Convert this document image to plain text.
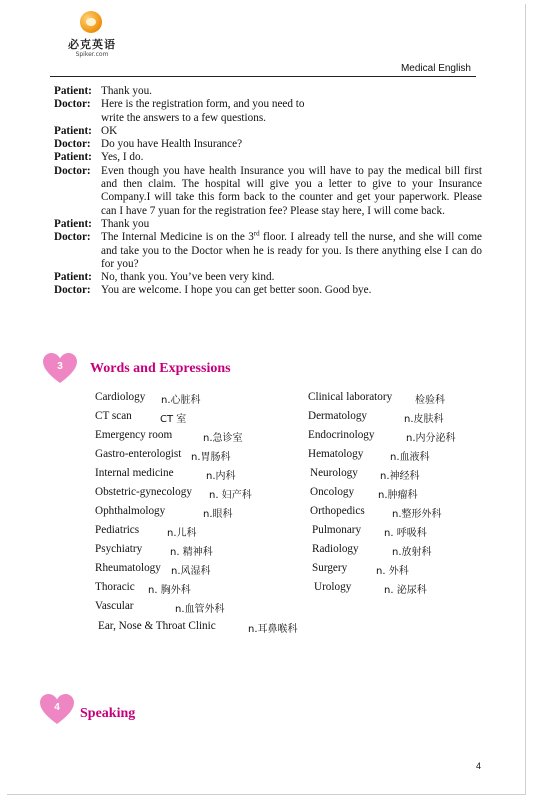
必克英语
Spiker.com
Medical English
Patient: Thank you.
Doctor: Here is the registration form, and you need to write the answers to a few questions.
Patient: OK
Doctor: Do you have Health Insurance?
Patient: Yes, I do.
Doctor: Even though you have health Insurance you will have to pay the medical bill first and then claim. The hospital will give you a letter to give to your Insurance Company.I will take this form back to the counter and get your paperwork. Please can I have 7 yuan for the registration fee? Please stay here, I will come back.
Patient: Thank you
Doctor: The Internal Medicine is on the 3rd floor. I already tell the nurse, and she will come and take you to the Doctor when he is ready for you. Is there anything else I can do for you?
Patient: No, thank you. You’ve been very kind.
Doctor: You are welcome. I hope you can get better soon. Good bye.
3	Words and Expressions
Cardiology n.心脏科
CT scan	CT 室
Emergency room	n.急诊室
Gastro-enterologist n.胃肠科
Internal medicine	n.内科
Obstetric-gynecology n. 妇产科
Ophthalmology	n.眼科
Pediatrics	n.儿科
Psychiatry	n. 精神科
Rheumatology n.风湿科
Thoracic n. 胸外科
Vascular	n.血管外科
Ear, Nose & Throat Clinic	n.耳鼻喉科
Clinical laboratory 检验科
Dermatology	n.皮肤科
Endocrinology	n.内分泌科
Hematology	n.血液科
Neurology n.神经科
Oncology n.肿瘤科
Orthopedics	n.整形外科
Pulmonary n. 呼吸科
Radiology	n.放射科
Surgery	n. 外科
Urology	n. 泌尿科
4	Speaking
4
